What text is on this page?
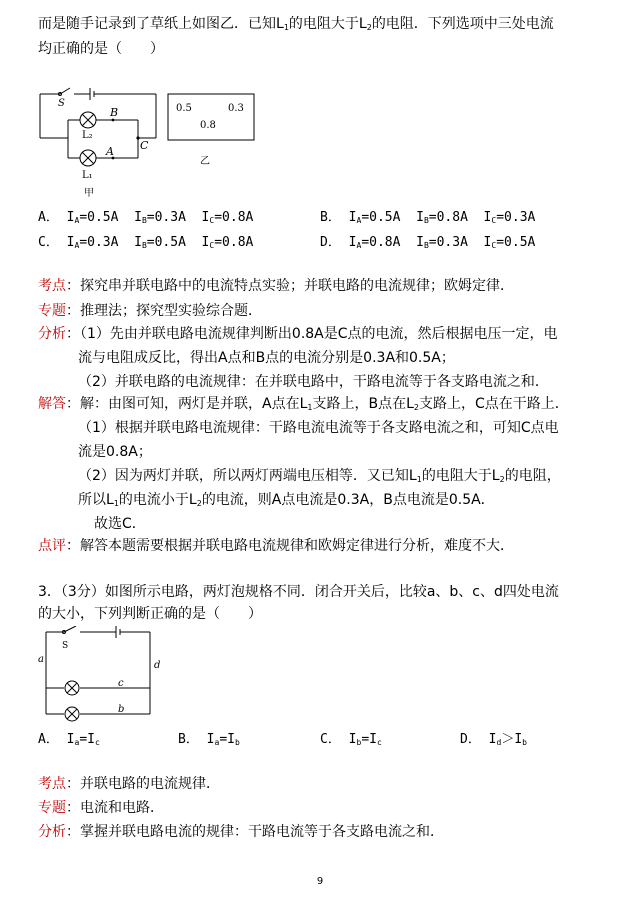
而是随手记录到了草纸上如图乙．已知$L_1$的电阻大于$L_2$的电阻．下列选项中三处电流
均正确的是（　　）
S
B
C
A
L₂
L₁
甲
0.5	0.3
0.8
乙
A． $I_A=0.5A$  $I_B=0.3A$  $I_C=0.8A$	B． $I_A=0.5A$  $I_B=0.8A$  $I_C=0.3A$
C． $I_A=0.3A$  $I_B=0.5A$  $I_C=0.8A$	D． $I_A=0.8A$  $I_B=0.3A$  $I_C=0.5A$
考点：探究串并联电路中的电流特点实验；并联电路的电流规律；欧姆定律．
专题：推理法；探究型实验综合题．
分析：（1）先由并联电路电流规律判断出0.8A是C点的电流，然后根据电压一定，电
流与电阻成反比，得出A点和B点的电流分别是0.3A和0.5A；
（2）并联电路的电流规律：在并联电路中，干路电流等于各支路电流之和．
解答：解：由图可知，两灯是并联，A点在$L_1$支路上，B点在$L_2$支路上，C点在干路上．
（1）根据并联电路电流规律：干路电流电流等于各支路电流之和，可知C点电
流是0.8A；
（2）因为两灯并联，所以两灯两端电压相等．又已知$L_1$的电阻大于$L_2$的电阻，
所以$L_1$的电流小于$L_2$的电流，则A点电流是0.3A，B点电流是0.5A．
故选C．
点评：解答本题需要根据并联电路电流规律和欧姆定律进行分析，难度不大．
3．（3分）如图所示电路，两灯泡规格不同．闭合开关后，比较a、b、c、d四处电流
的大小，下列判断正确的是（　　）
S
a
d
c
b
A． $I_a=I_c$	B． $I_a=I_b$	C． $I_b=I_c$	D． $I_d>I_b$
考点：并联电路的电流规律．
专题：电流和电路．
分析：掌握并联电路电流的规律：干路电流等于各支路电流之和．
9
